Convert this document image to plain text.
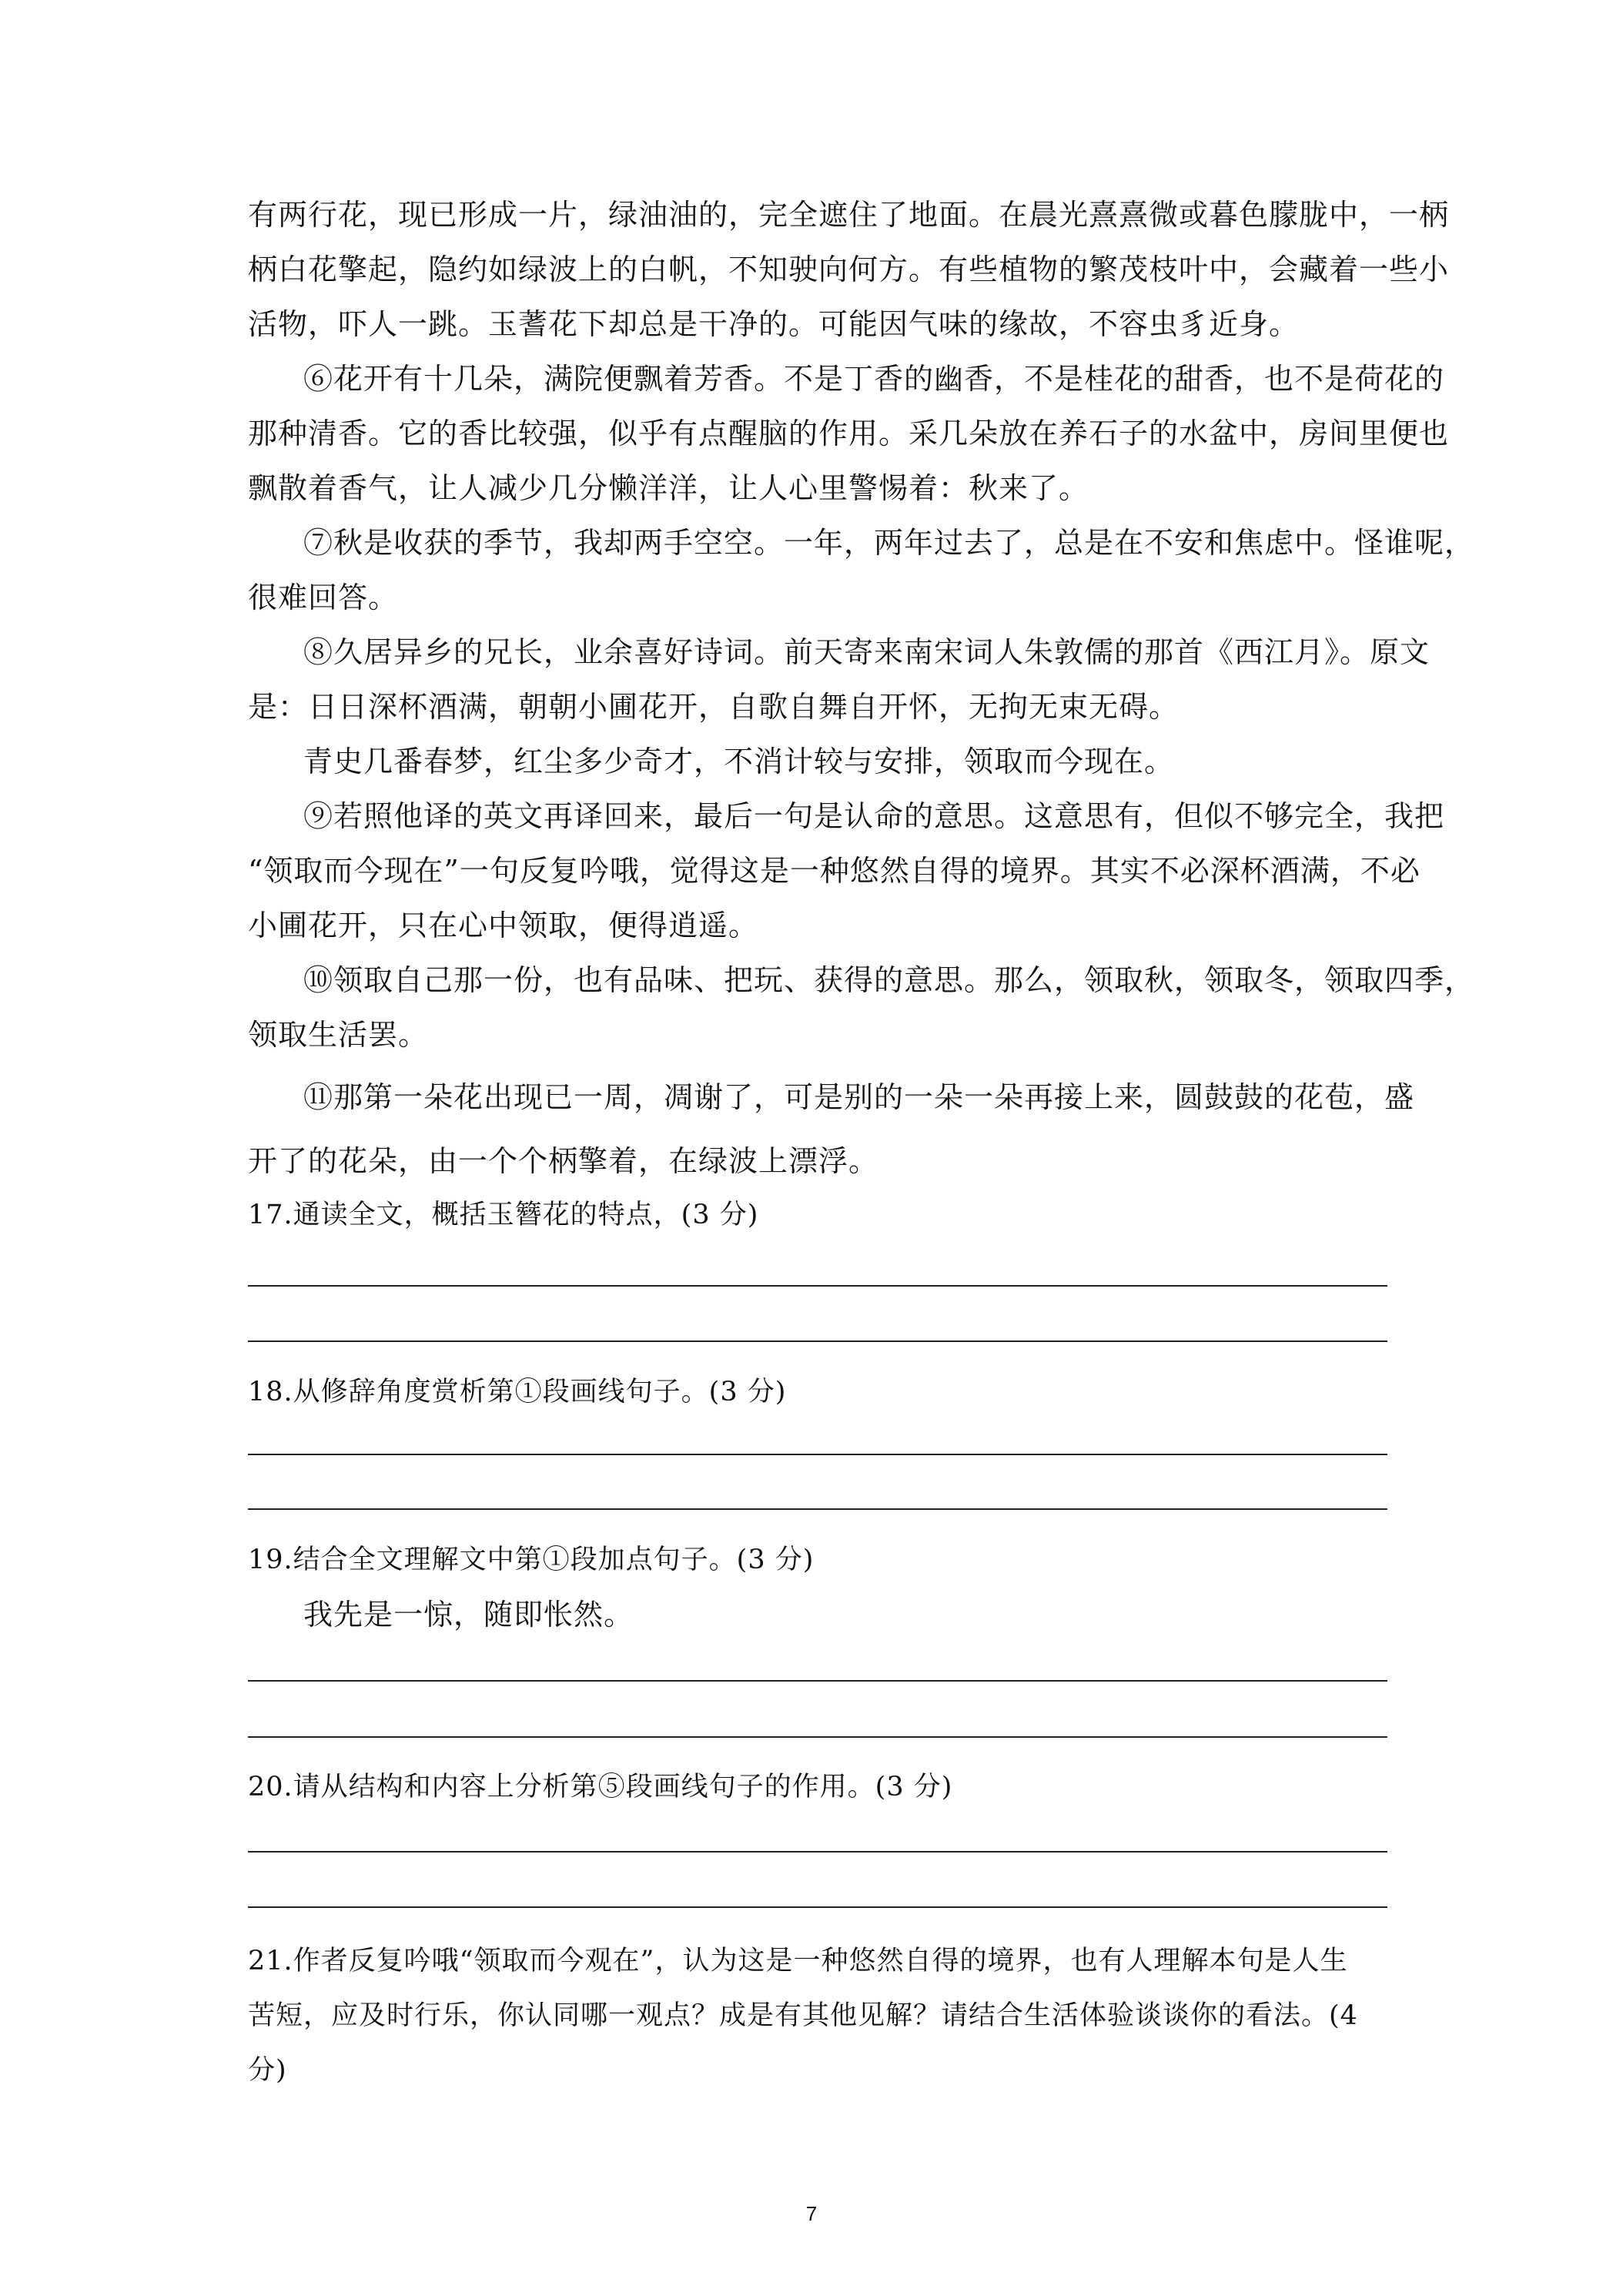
有两行花，现已形成一片，绿油油的，完全遮住了地面。在晨光熹熹微或暮色朦胧中，一柄
柄白花擎起，隐约如绿波上的白帆，不知驶向何方。有些植物的繁茂枝叶中，会藏着一些小
活物，吓人一跳。玉蓍花下却总是干净的。可能因气味的缘故，不容虫豸近身。
⑥花开有十几朵，满院便飘着芳香。不是丁香的幽香，不是桂花的甜香，也不是荷花的
那种清香。它的香比较强，似乎有点醒脑的作用。采几朵放在养石子的水盆中，房间里便也
飘散着香气，让人减少几分懒洋洋，让人心里警惕着：秋来了。
⑦秋是收获的季节，我却两手空空。一年，两年过去了，总是在不安和焦虑中。怪谁呢，
很难回答。
⑧久居异乡的兄长，业余喜好诗词。前天寄来南宋词人朱敦儒的那首《西江月》。原文
是：日日深杯酒满，朝朝小圃花开，自歌自舞自开怀，无拘无束无碍。
青史几番春梦，红尘多少奇才，不消计较与安排，领取而今现在。
⑨若照他译的英文再译回来，最后一句是认命的意思。这意思有，但似不够完全，我把
“领取而今现在”一句反复吟哦，觉得这是一种悠然自得的境界。其实不必深杯酒满，不必
小圃花开，只在心中领取，便得逍遥。
⑩领取自己那一份，也有品味、把玩、获得的意思。那么，领取秋，领取冬，领取四季，
领取生活罢。
⑪那第一朵花出现已一周，凋谢了，可是别的一朵一朵再接上来，圆鼓鼓的花苞，盛
开了的花朵，由一个个柄擎着，在绿波上漂浮。
17.通读全文，概括玉簪花的特点，(3 分)
18.从修辞角度赏析第①段画线句子。(3 分)
19.结合全文理解文中第①段加点句子。(3 分)
我先是一惊，随即怅然。
20.请从结构和内容上分析第⑤段画线句子的作用。(3 分)
21.作者反复吟哦“领取而今观在”，认为这是一种悠然自得的境界，也有人理解本句是人生
苦短，应及时行乐，你认同哪一观点？成是有其他见解？请结合生活体验谈谈你的看法。(4
分)
7
